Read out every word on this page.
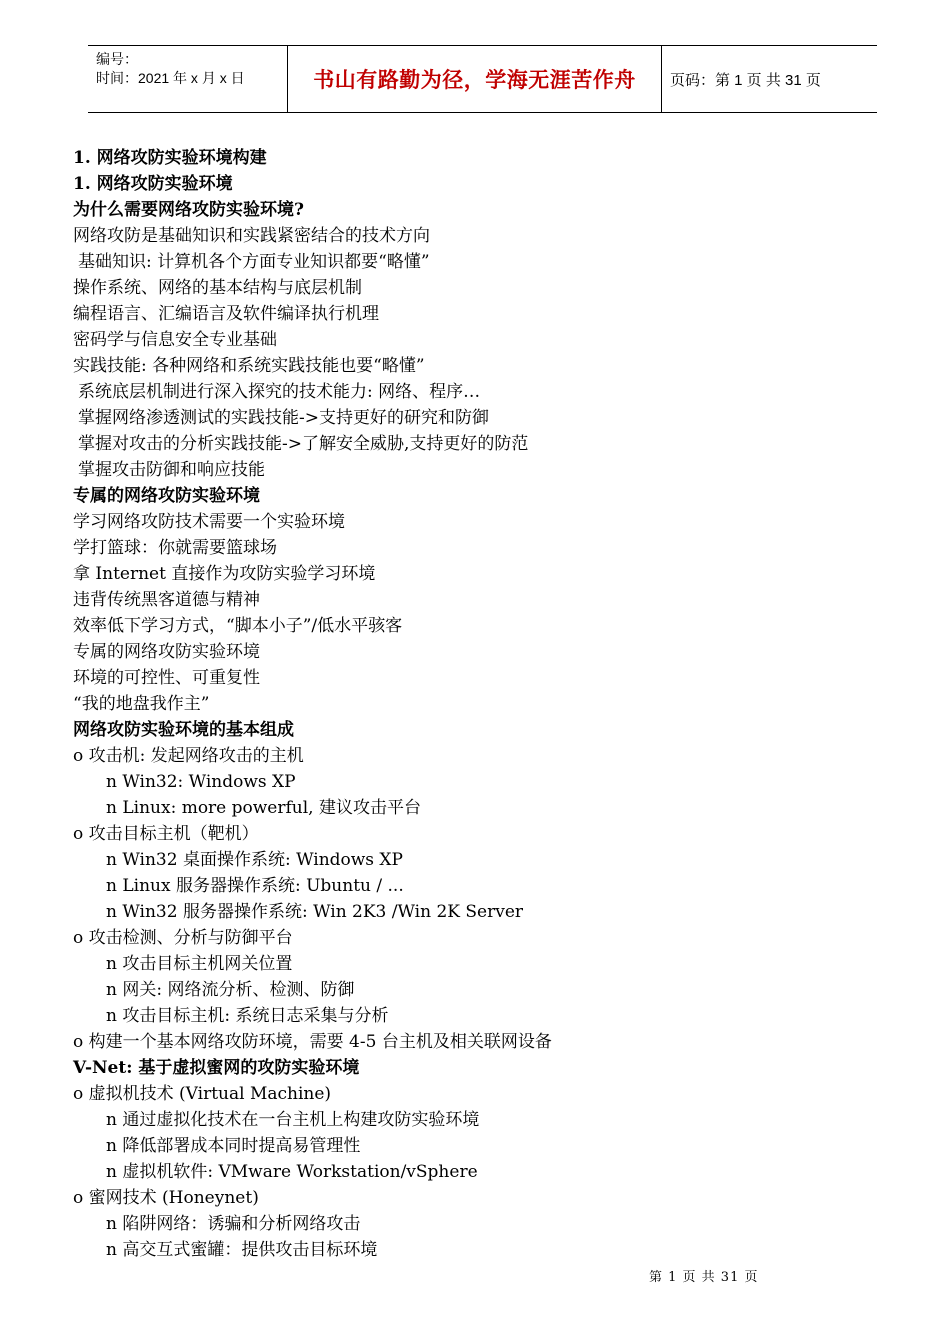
编号：
时间：2021 年 x 月 x 日	书山有路勤为径，学海无涯苦作舟	页码：第 1 页 共 31 页
1. 网络攻防实验环境构建
1. 网络攻防实验环境
为什么需要网络攻防实验环境?
网络攻防是基础知识和实践紧密结合的技术方向
基础知识: 计算机各个方面专业知识都要“略懂”
操作系统、网络的基本结构与底层机制
编程语言、汇编语言及软件编译执行机理
密码学与信息安全专业基础
实践技能: 各种网络和系统实践技能也要“略懂”
系统底层机制进行深入探究的技术能力: 网络、程序…
掌握网络渗透测试的实践技能->支持更好的研究和防御
掌握对攻击的分析实践技能->了解安全威胁,支持更好的防范
掌握攻击防御和响应技能
专属的网络攻防实验环境
学习网络攻防技术需要一个实验环境
学打篮球：你就需要篮球场
拿 Internet 直接作为攻防实验学习环境
违背传统黑客道德与精神
效率低下学习方式，“脚本小子”/低水平骇客
专属的网络攻防实验环境
环境的可控性、可重复性
“我的地盘我作主”
网络攻防实验环境的基本组成
o 攻击机: 发起网络攻击的主机
n Win32: Windows XP
n Linux: more powerful, 建议攻击平台
o 攻击目标主机（靶机）
n Win32 桌面操作系统: Windows XP
n Linux 服务器操作系统: Ubuntu / ...
n Win32 服务器操作系统: Win 2K3 /Win 2K Server
o 攻击检测、分析与防御平台
n 攻击目标主机网关位置
n 网关: 网络流分析、检测、防御
n 攻击目标主机: 系统日志采集与分析
o 构建一个基本网络攻防环境，需要 4-5 台主机及相关联网设备
V-Net: 基于虚拟蜜网的攻防实验环境
o 虚拟机技术 (Virtual Machine)
n 通过虚拟化技术在一台主机上构建攻防实验环境
n 降低部署成本同时提高易管理性
n 虚拟机软件: VMware Workstation/vSphere
o 蜜网技术 (Honeynet)
n 陷阱网络：诱骗和分析网络攻击
n 高交互式蜜罐：提供攻击目标环境
第 1 页 共 31 页
